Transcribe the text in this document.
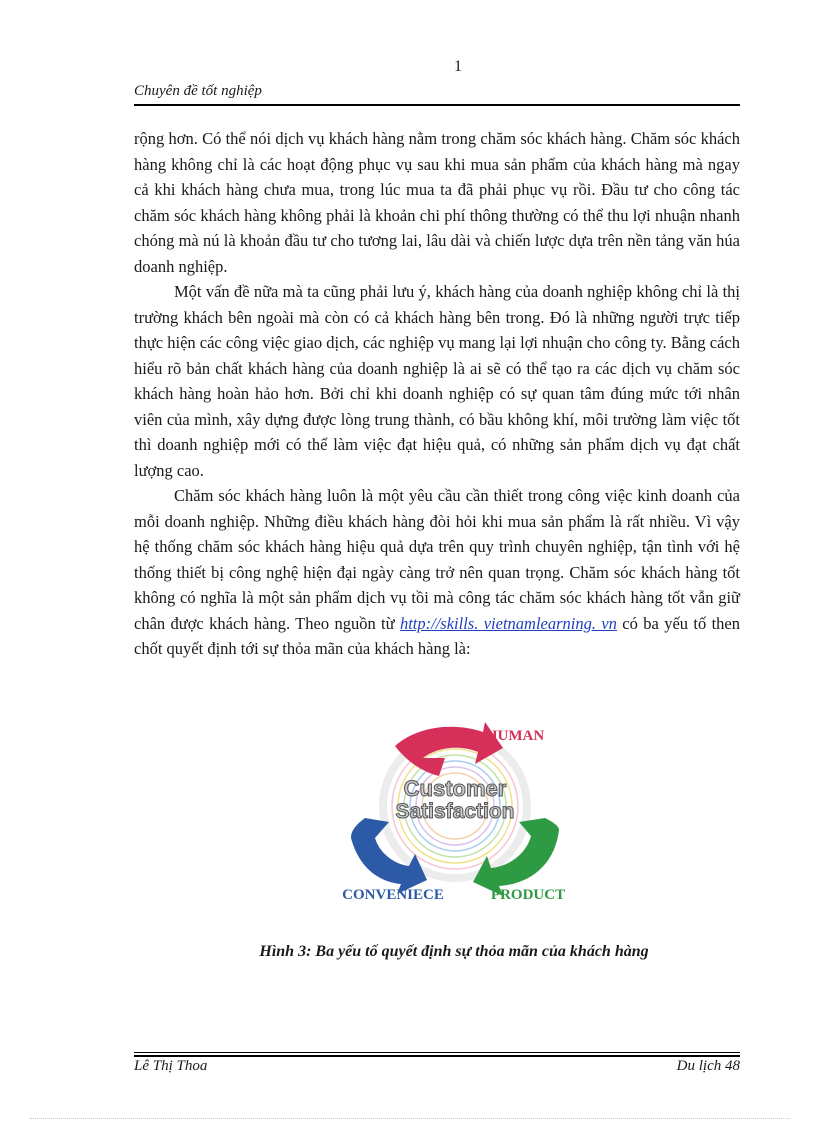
1
Chuyên đề tốt nghiệp

rộng hơn. Có thể nói dịch vụ khách hàng nằm trong chăm sóc khách hàng. Chăm sóc khách hàng không chỉ là các hoạt động phục vụ sau khi mua sản phẩm của khách hàng mà ngay cả khi khách hàng chưa mua, trong lúc mua ta đã phải phục vụ rồi. Đầu tư cho công tác chăm sóc khách hàng không phải là khoản chi phí thông thường có thể thu lợi nhuận nhanh chóng mà nú là khoản đầu tư cho tương lai, lâu dài và chiến lược dựa trên nền tảng văn húa doanh nghiệp.

Một vấn đề nữa mà ta cũng phải lưu ý, khách hàng của doanh nghiệp không chỉ là thị trường khách bên ngoài mà còn có cả khách hàng bên trong. Đó là những người trực tiếp thực hiện các công việc giao dịch, các nghiệp vụ mang lại lợi nhuận cho công ty. Bằng cách hiểu rõ bản chất khách hàng của doanh nghiệp là ai sẽ có thể tạo ra các dịch vụ chăm sóc khách hàng hoàn hảo hơn. Bởi chỉ khi doanh nghiệp có sự quan tâm đúng mức tới nhân viên của mình, xây dựng được lòng trung thành, có bầu không khí, môi trường làm việc tốt thì doanh nghiệp mới có thể làm việc đạt hiệu quả, có những sản phẩm dịch vụ đạt chất lượng cao.

Chăm sóc khách hàng luôn là một yêu cầu cần thiết trong công việc kinh doanh của mỗi doanh nghiệp. Những điều khách hàng đòi hỏi khi mua sản phẩm là rất nhiều. Vì vậy hệ thống chăm sóc khách hàng hiệu quả dựa trên quy trình chuyên nghiệp, tận tình với hệ thống thiết bị công nghệ hiện đại ngày càng trở nên quan trọng. Chăm sóc khách hàng tốt không có nghĩa là một sản phẩm dịch vụ tồi mà công tác chăm sóc khách hàng tốt vẫn giữ chân được khách hàng. Theo nguồn từ http://skills. vietnamlearning. vn có ba yếu tố then chốt quyết định tới sự thỏa mãn của khách hàng là:

HUMAN
Customer
Satisfaction
CONVENIECE	PRODUCT
Hình 3: Ba yếu tố quyết định sự thỏa mãn của khách hàng
Lê Thị Thoa	Du lịch 48
